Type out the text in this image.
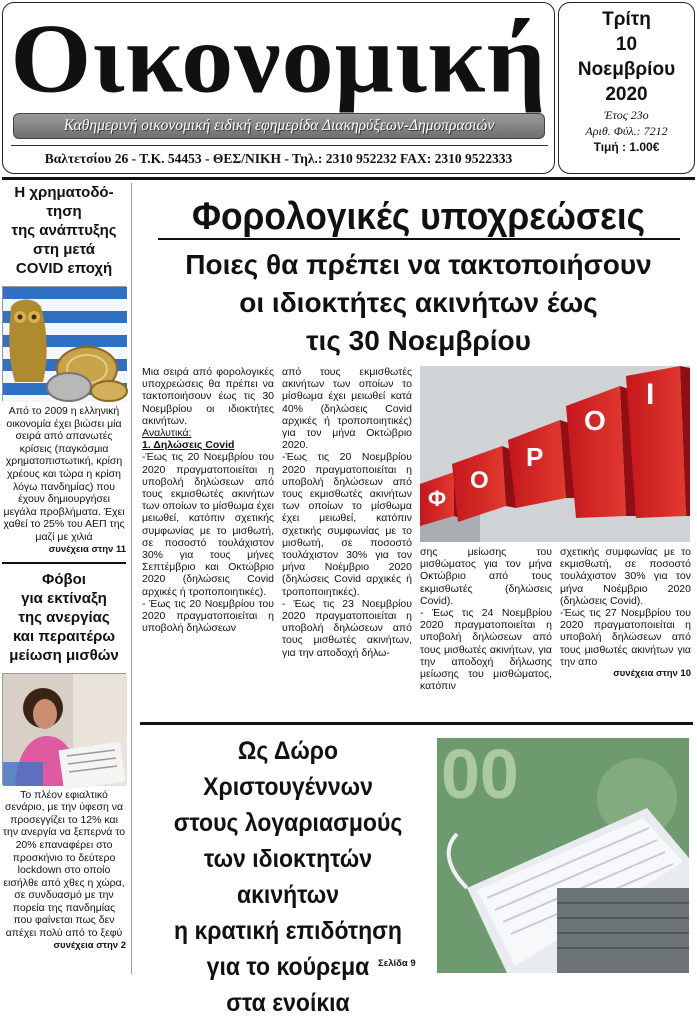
Οικονομική
Καθημερινή οικονομική ειδική εφημερίδα Διακηρύξεων-Δημοπρασιών
Βαλτετσίου 26 - Τ.Κ. 54453 - ΘΕΣ/ΝΙΚΗ - Τηλ.: 2310 952232 FAX: 2310 9522333
Τρίτη
10
Νοεμβρίου
2020
Έτος 23ο
Αριθ. Φύλ.: 7212
Τιμή : 1.00€
Η χρηματοδό-
τηση
της ανάπτυξης
στη μετά
COVID εποχή
Από το 2009 η ελληνική οικονομία έχει βιώσει μία σειρά από απανωτές κρίσεις (παγκόσμια χρηματοπιστωτική, κρίση χρέους και τώρα η κρίση λόγω πανδημίας) που έχουν δημιουργήσει μεγάλα προβλήματα. Έχει χαθεί το 25% του ΑΕΠ της μαζί με χιλιά
συνέχεια στην 11
Φόβοι
για εκτίναξη
της ανεργίας
και περαιτέρω
μείωση μισθών
Το πλέον εφιαλτικό σενάριο, με την ύφεση να προσεγγίζει το 12% και την ανεργία να ξεπερνά το 20% επαναφέρει στο προσκήνιο το δεύτερο lockdown στο οποίο εισήλθε από χθες η χώρα, σε συνδυασμό με την πορεία της πανδημίας που φαίνεται πως δεν απέχει πολύ από το ξεφύ
συνέχεια στην 2
Φορολογικές υποχρεώσεις
Ποιες θα πρέπει να τακτοποιήσουν
οι ιδιοκτήτες ακινήτων έως
τις 30 Νοεμβρίου

Μια σειρά από φορολογικές υποχρεώσεις θα πρέπει να τακτοποιήσουν έως τις 30 Νοεμβρίου οι ιδιοκτήτες ακινήτων.

Αναλυτικά:

1. Δηλώσεις Covid

-Έως τις 20 Νοεμβρίου του 2020 πραγματοποιείται η υποβολή δηλώσεων από τους εκμισθωτές ακινήτων των οποίων το μίσθωμα έχει μειωθεί, κατόπιν σχετικής συμφωνίας με το μισθωτή, σε ποσοστό τουλάχιστον 30% για τους μήνες Σεπτέμβριο και Οκτώβριο 2020 (δηλώσεις Covid αρχικές ή τροποποιητικές).

- Έως τις 20 Νοεμβρίου του 2020 πραγματοποιείται η υποβολή δηλώσεων

από τους εκμισθωτές ακινήτων των οποίων το μίσθωμα έχει μειωθεί κατά 40% (δηλώσεις Covid αρχικές ή τροποποιητικές) για τον μήνα Οκτώβριο 2020.

-Έως τις 20 Νοεμβρίου 2020 πραγματοποιείται η υποβολή δηλώσεων από τους εκμισθωτές ακινήτων των οποίων το μίσθωμα έχει μειωθεί, κατόπιν σχετικής συμφωνίας με το μισθωτή, σε ποσοστό τουλάχιστον 30% για τον μήνα Νοέμβριο 2020 (δηλώσεις Covid αρχικές ή τροποποιητικές).

- Έως τις 23 Νοεμβρίου 2020 πραγματοποιείται η υποβολή δηλώσεων από τους μισθωτές ακινήτων, για την αποδοχή δήλω-

Φ
Ο
Ρ
Ο
Ι

σης μείωσης του μισθώματος για τον μήνα Οκτώβριο από τους εκμισθωτές (δηλώσεις Covid).

- Έως τις 24 Νοεμβρίου 2020 πραγματοποιείται η υποβολή δηλώσεων από τους μισθωτές ακινήτων, για την αποδοχή δήλωσης μείωσης του μισθώματος, κατόπιν

σχετικής συμφωνίας με το εκμισθωτή, σε ποσοστό τουλάχιστον 30% για τον μήνα Νοέμβριο 2020 (δηλώσεις Covid).

-Έως τις 27 Νοεμβρίου του 2020 πραγματοποιείται η υποβολή δηλώσεων από τους μισθωτές ακινήτων για την απο

συνέχεια στην 10

Ως Δώρο Χριστουγέννων
στους λογαριασμούς
των ιδιοκτητών ακινήτων
η κρατική επιδότηση
για το κούρεμα
στα ενοίκια
Σελίδα 9
00
